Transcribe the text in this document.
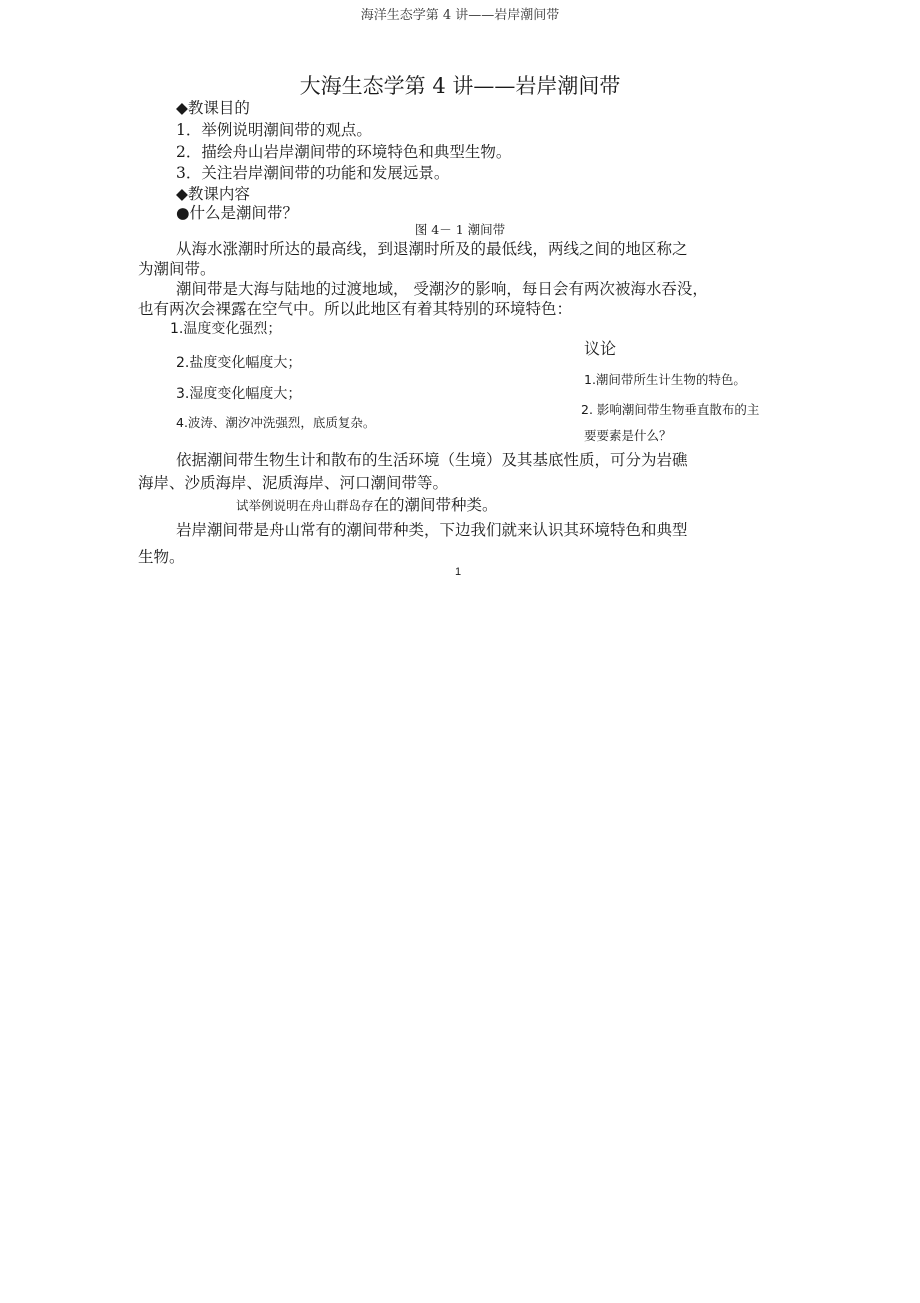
海洋生态学第 4 讲——岩岸潮间带
大海生态学第 4 讲——岩岸潮间带
◆教课目的
1．举例说明潮间带的观点。
2．描绘舟山岩岸潮间带的环境特色和典型生物。
3．关注岩岸潮间带的功能和发展远景。
◆教课内容
●什么是潮间带？
图 4－ 1 潮间带
从海水涨潮时所达的最高线，到退潮时所及的最低线，两线之间的地区称之
为潮间带。
潮间带是大海与陆地的过渡地域， 受潮汐的影响，每日会有两次被海水吞没，
也有两次会裸露在空气中。所以此地区有着其特别的环境特色：
1.温度变化强烈；
2.盐度变化幅度大；
3.湿度变化幅度大；
4.波涛、潮汐冲洗强烈，底质复杂。
议论
1.潮间带所生计生物的特色。
2. 影响潮间带生物垂直散布的主
要要素是什么？
依据潮间带生物生计和散布的生活环境（生境）及其基底性质，可分为岩礁
海岸、沙质海岸、泥质海岸、河口潮间带等。
试举例说明在舟山群岛存在的潮间带种类。
岩岸潮间带是舟山常有的潮间带种类，下边我们就来认识其环境特色和典型
生物。
1
